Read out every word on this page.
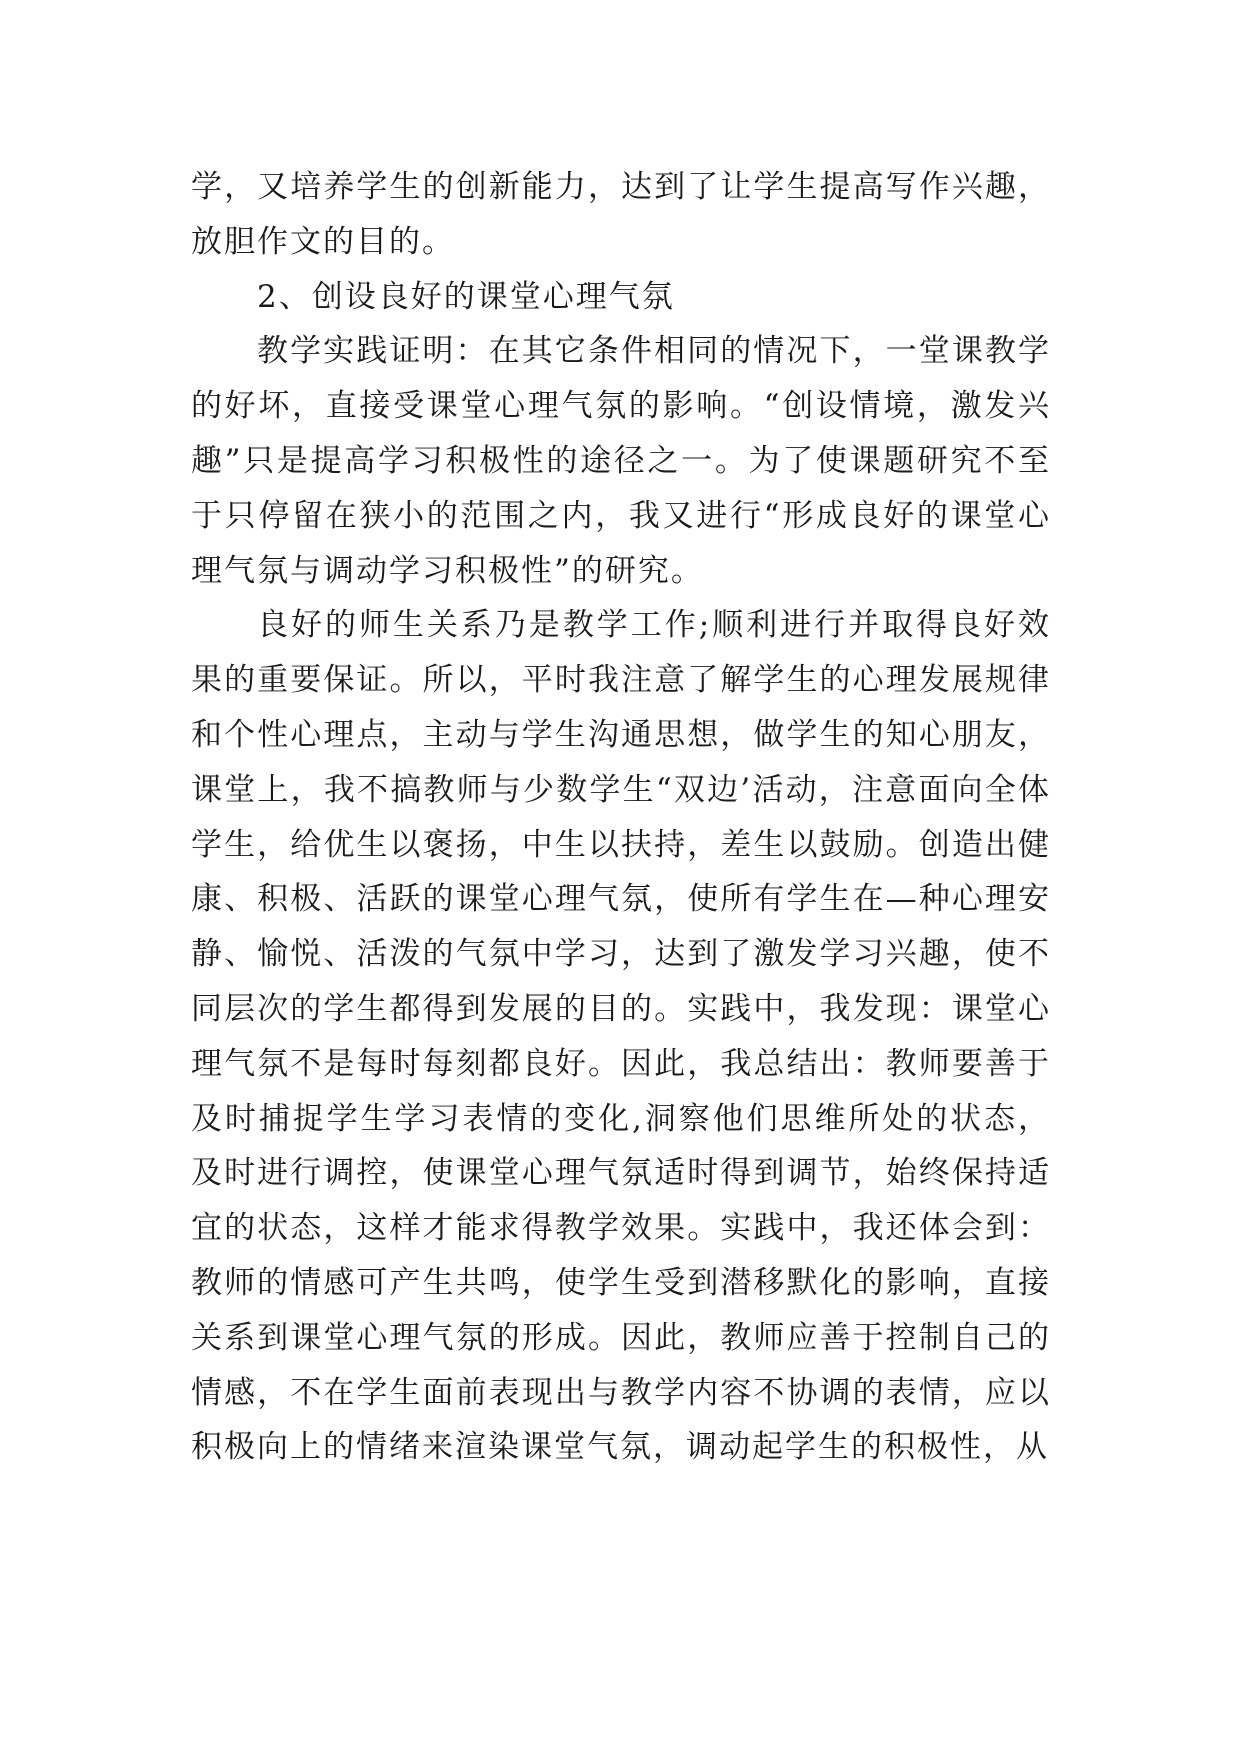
学，又培养学生的创新能力，达到了让学生提高写作兴趣，放胆作文的目的。

2、创设良好的课堂心理气氛

教学实践证明：在其它条件相同的情况下，一堂课教学的好坏，直接受课堂心理气氛的影响。“创设情境，激发兴趣”只是提高学习积极性的途径之一。为了使课题研究不至于只停留在狭小的范围之内，我又进行“形成良好的课堂心理气氛与调动学习积极性”的研究。

良好的师生关系乃是教学工作;顺利进行并取得良好效果的重要保证。所以，平时我注意了解学生的心理发展规律和个性心理点，主动与学生沟通思想，做学生的知心朋友，课堂上，我不搞教师与少数学生“双边’活动，注意面向全体学生，给优生以褒扬，中生以扶持，差生以鼓励。创造出健康、积极、活跃的课堂心理气氛，使所有学生在—种心理安静、愉悦、活泼的气氛中学习，达到了激发学习兴趣，使不同层次的学生都得到发展的目的。实践中，我发现：课堂心理气氛不是每时每刻都良好。因此，我总结出：教师要善于及时捕捉学生学习表情的变化,洞察他们思维所处的状态，及时进行调控，使课堂心理气氛适时得到调节，始终保持适宜的状态，这样才能求得教学效果。实践中，我还体会到：教师的情感可产生共鸣，使学生受到潜移默化的影响，直接关系到课堂心理气氛的形成。因此，教师应善于控制自己的情感，不在学生面前表现出与教学内容不协调的表情，应以积极向上的情绪来渲染课堂气氛，调动起学生的积极性，从
